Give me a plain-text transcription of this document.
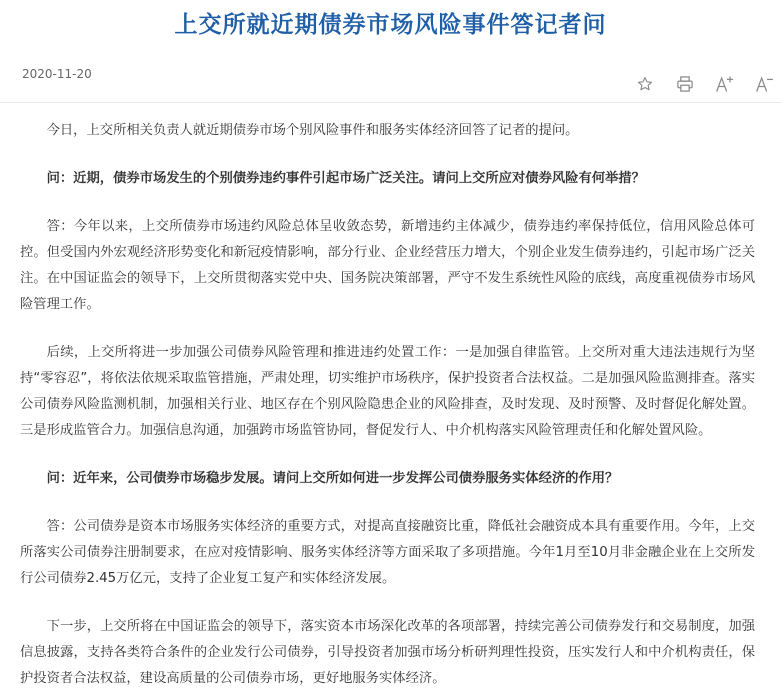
上交所就近期债券市场风险事件答记者问
2020-11-20

今日，上交所相关负责人就近期债券市场个别风险事件和服务实体经济回答了记者的提问。

问：近期，债券市场发生的个别债券违约事件引起市场广泛关注。请问上交所应对债券风险有何举措？

答：今年以来，上交所债券市场违约风险总体呈收敛态势，新增违约主体减少，债券违约率保持低位，信用风险总体可控。但受国内外宏观经济形势变化和新冠疫情影响，部分行业、企业经营压力增大，个别企业发生债券违约，引起市场广泛关注。在中国证监会的领导下，上交所贯彻落实党中央、国务院决策部署，严守不发生系统性风险的底线，高度重视债券市场风险管理工作。

后续，上交所将进一步加强公司债券风险管理和推进违约处置工作：一是加强自律监管。上交所对重大违法违规行为坚持“零容忍”，将依法依规采取监管措施，严肃处理，切实维护市场秩序，保护投资者合法权益。二是加强风险监测排查。落实公司债券风险监测机制，加强相关行业、地区存在个别风险隐患企业的风险排查，及时发现、及时预警、及时督促化解处置。三是形成监管合力。加强信息沟通，加强跨市场监管协同，督促发行人、中介机构落实风险管理责任和化解处置风险。

问：近年来，公司债券市场稳步发展。请问上交所如何进一步发挥公司债券服务实体经济的作用？

答：公司债券是资本市场服务实体经济的重要方式，对提高直接融资比重，降低社会融资成本具有重要作用。今年，上交所落实公司债券注册制要求，在应对疫情影响、服务实体经济等方面采取了多项措施。今年1月至10月非金融企业在上交所发行公司债券2.45万亿元，支持了企业复工复产和实体经济发展。

下一步，上交所将在中国证监会的领导下，落实资本市场深化改革的各项部署，持续完善公司债券发行和交易制度，加强信息披露，支持各类符合条件的企业发行公司债券，引导投资者加强市场分析研判理性投资，压实发行人和中介机构责任，保护投资者合法权益，建设高质量的公司债券市场，更好地服务实体经济。
